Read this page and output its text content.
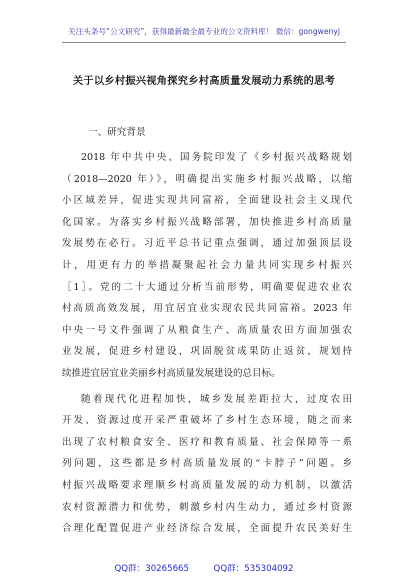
关注头条号“公文研究”，获得最新最全最专业的公文资料库！ 微信：gongwenyj
关于以乡村振兴视角探究乡村高质量发展动力系统的思考
一、研究背景
2018 年中共中央、国务院印发了《乡村振兴战略规划
（2018—2020 年）》，明确提出实施乡村振兴战略，以缩
小区域差异，促进实现共同富裕，全面建设社会主义现代
化国家。为落实乡村振兴战略部署，加快推进乡村高质量
发展势在必行。习近平总书记重点强调，通过加强顶层设
计，用更有力的举措凝聚起社会力量共同实现乡村振兴
［1］。党的二十大通过分析当前形势，明确要促进农业农
村高质高效发展，用宜居宜业实现农民共同富裕。2023 年
中央一号文件强调了从粮食生产、高质量农田方面加强农
业发展，促进乡村建设，巩固脱贫成果防止返贫，规划持
续推进宜居宜业美丽乡村高质量发展建设的总目标。
随着现代化进程加快，城乡发展差距拉大，过度农田
开发、资源过度开采严重破坏了乡村生态环境，随之而来
出现了农村粮食安全、医疗和教育质量、社会保障等一系
列问题，这些都是乡村高质量发展的“卡脖子”问题。乡
村振兴战略要求理顺乡村高质量发展的动力机制，以激活
农村资源潜力和优势，刺激乡村内生动力，通过乡村资源
合理化配置促进产业经济综合发展，全面提升农民美好生
QQ群：30265665         QQ群：535304092
